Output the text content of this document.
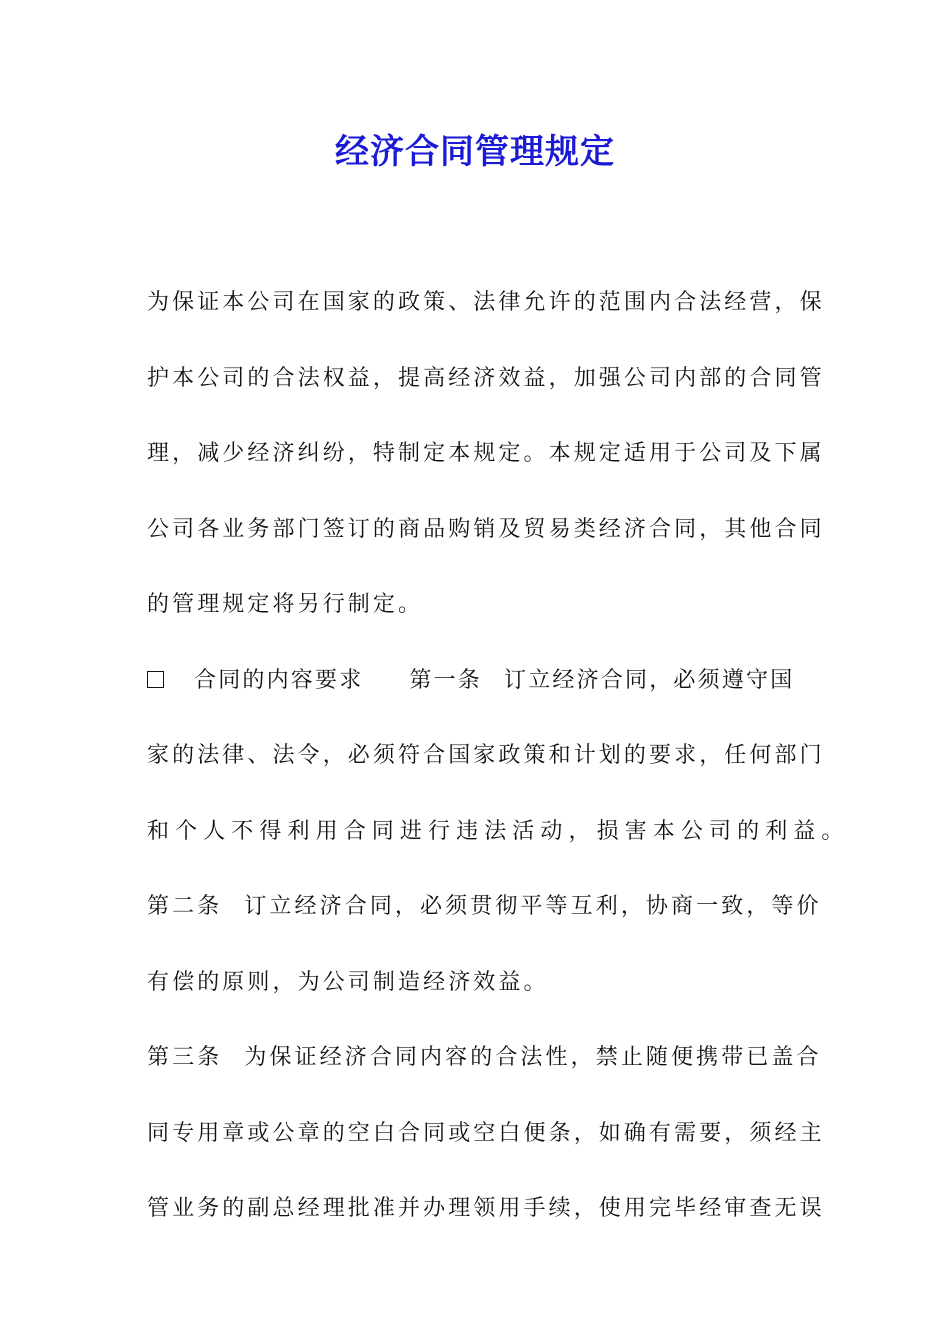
经济合同管理规定
为保证本公司在国家的政策、法律允许的范围内合法经营，保
护本公司的合法权益，提高经济效益，加强公司内部的合同管
理，减少经济纠纷，特制定本规定。本规定适用于公司及下属
公司各业务部门签订的商品购销及贸易类经济合同，其他合同
的管理规定将另行制定。
合同的内容要求 第一条 订立经济合同，必须遵守国
家的法律、法令，必须符合国家政策和计划的要求，任何部门
和个人不得利用合同进行违法活动，损害本公司的利益。
第二条 订立经济合同，必须贯彻平等互利，协商一致，等价
有偿的原则，为公司制造经济效益。
第三条 为保证经济合同内容的合法性，禁止随便携带已盖合
同专用章或公章的空白合同或空白便条，如确有需要，须经主
管业务的副总经理批准并办理领用手续，使用完毕经审查无误
